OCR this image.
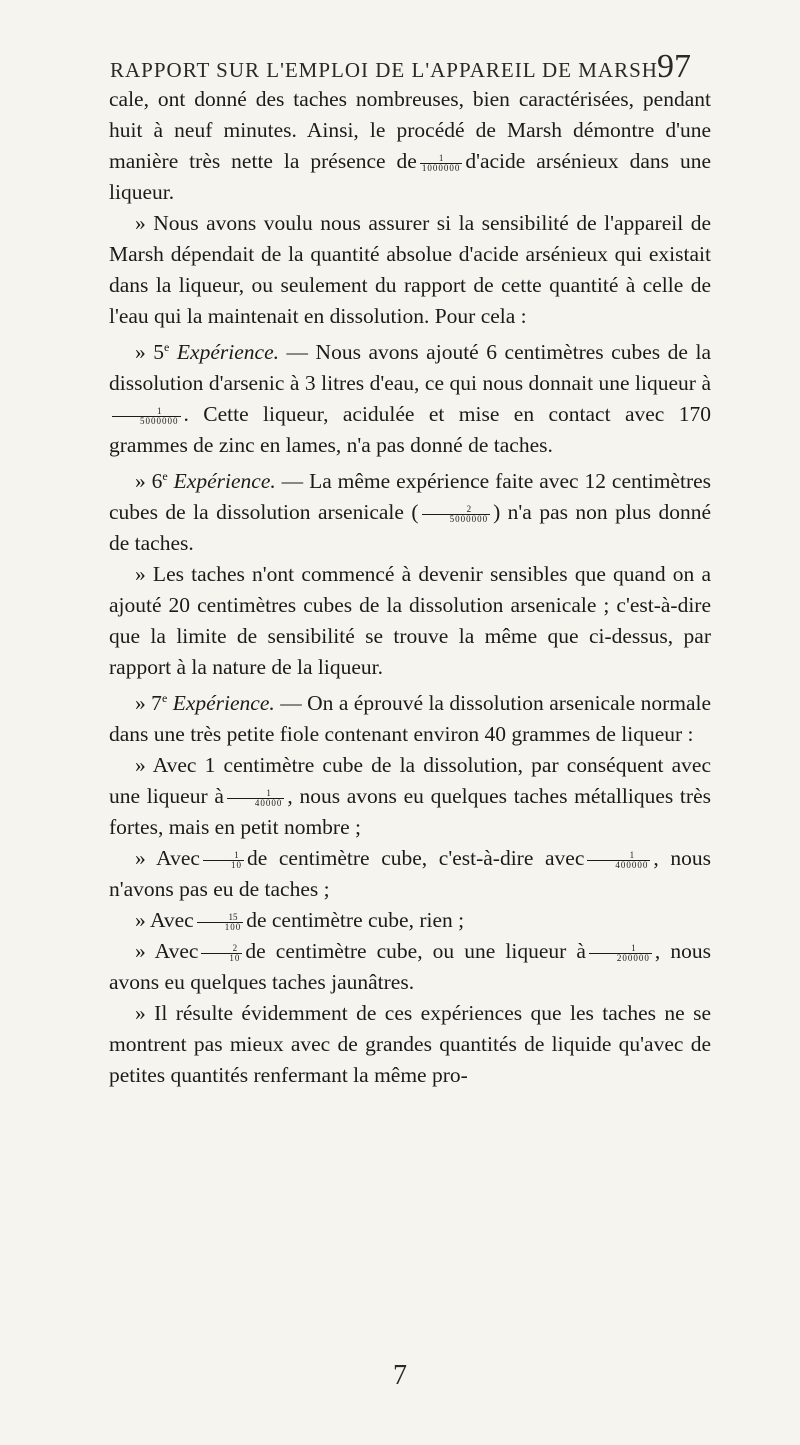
RAPPORT SUR L'EMPLOI DE L'APPAREIL DE MARSH.
97

cale, ont donné des taches nombreuses, bien caractérisées, pendant huit à neuf minutes. Ainsi, le procédé de Marsh démontre d'une manière très nette la présence de $\frac{1}{1000000}$ d'acide arsénieux dans une liqueur.

» Nous avons voulu nous assurer si la sensibilité de l'appareil de Marsh dépendait de la quantité absolue d'acide arsénieux qui existait dans la liqueur, ou seulement du rapport de cette quantité à celle de l'eau qui la maintenait en dissolution. Pour cela :

» 5e Expérience. — Nous avons ajouté 6 centimètres cubes de la dissolution d'arsenic à 3 litres d'eau, ce qui nous donnait une liqueur à
$\frac{1}{5000000}$ . Cette liqueur, acidulée et mise en contact avec 170 grammes de zinc en lames, n'a pas donné de taches.

» 6e Expérience. — La même expérience faite avec 12 centimètres cubes de la dissolution arsenicale ( $\frac{2}{5000000}$ ) n'a pas non plus donné de taches.

» Les taches n'ont commencé à devenir sensibles que quand on a ajouté 20 centimètres cubes de la dissolution arsenicale ; c'est-à-dire que la limite de sensibilité se trouve la même que ci-dessus, par rapport à la nature de la liqueur.

» 7e Expérience. — On a éprouvé la dissolution arsenicale normale dans une très petite fiole contenant environ 40 grammes de liqueur :

» Avec 1 centimètre cube de la dissolution, par conséquent avec une liqueur à $\frac{1}{40000}$ , nous avons eu quelques taches métalliques très fortes, mais en petit nombre ;

» Avec $\frac{1}{10}$ de centimètre cube, c'est-à-dire avec $\frac{1}{400000}$ , nous n'avons pas eu de taches ;

» Avec $\frac{15}{100}$ de centimètre cube, rien ;

» Avec $\frac{2}{10}$ de centimètre cube, ou une liqueur à $\frac{1}{200000}$ , nous avons eu quelques taches jaunâtres.

» Il résulte évidemment de ces expériences que les taches ne se montrent pas mieux avec de grandes quantités de liquide qu'avec de petites quantités renfermant la même pro-

7
